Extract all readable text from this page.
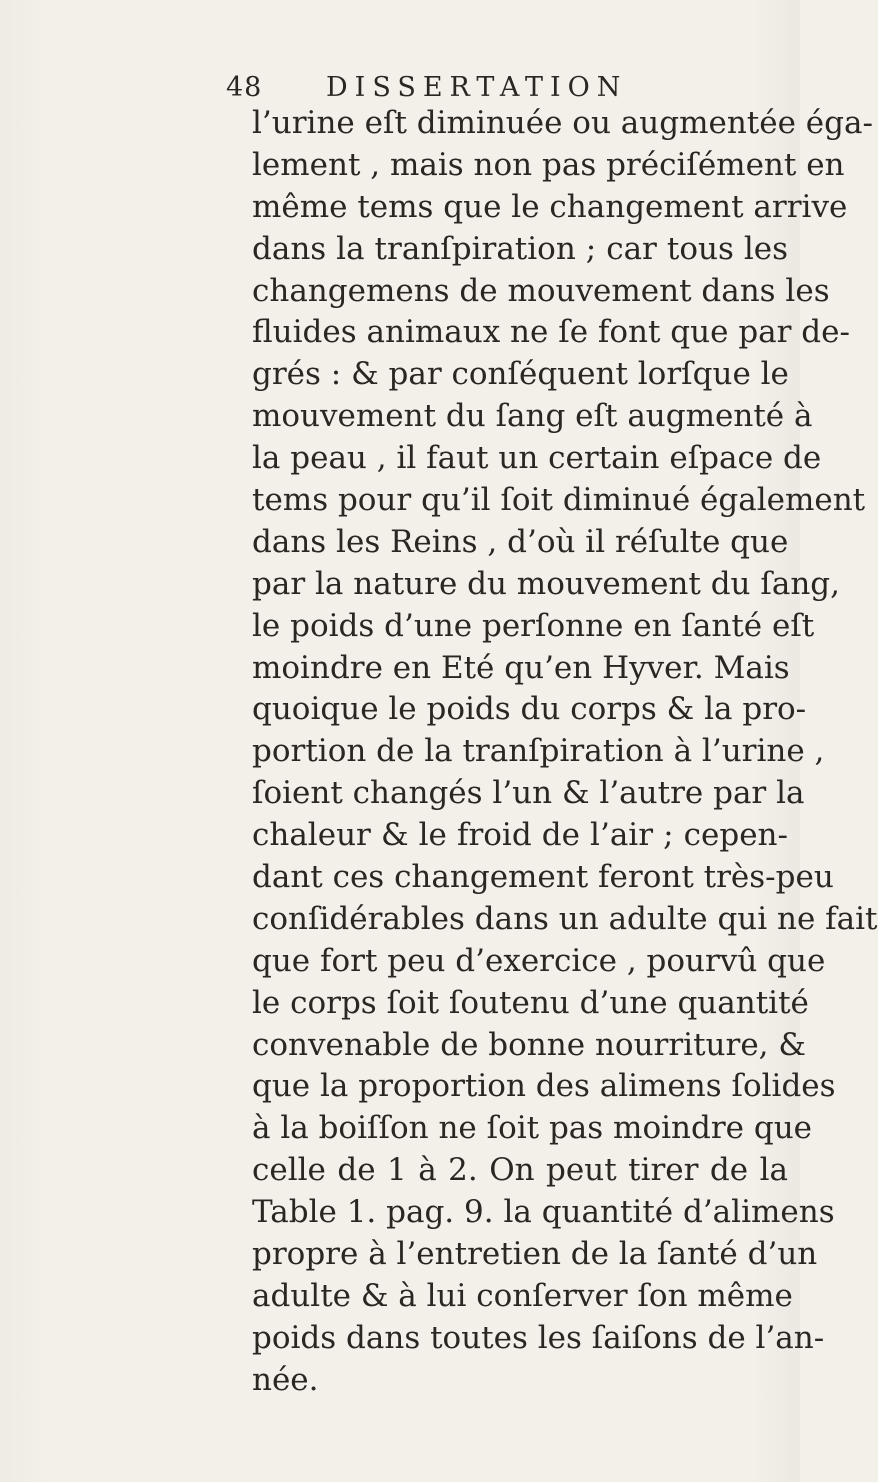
48 DISSERTATION
l’urine eſt diminuée ou augmentée éga-
lement , mais non pas préciſément en
même tems que le changement arrive
dans la tranſpiration ; car tous les
changemens de mouvement dans les
fluides animaux ne ſe font que par de-
grés : & par conſéquent lorſque le
mouvement du ſang eſt augmenté à
la peau , il faut un certain eſpace de
tems pour qu’il ſoit diminué également
dans les Reins , d’où il réſulte que
par la nature du mouvement du ſang,
le poids d’une perſonne en ſanté eſt
moindre en Eté qu’en Hyver. Mais
quoique le poids du corps & la pro-
portion de la tranſpiration à l’urine ,
ſoient changés l’un & l’autre par la
chaleur & le froid de l’air ; cepen-
dant ces changement feront très-peu
conſidérables dans un adulte qui ne fait
que fort peu d’exercice , pourvû que
le corps ſoit ſoutenu d’une quantité
convenable de bonne nourriture, &
que la proportion des alimens ſolides
à la boiſſon ne ſoit pas moindre que
celle de 1 à 2. On peut tirer de la
Table 1. pag. 9. la quantité d’alimens
propre à l’entretien de la ſanté d’un
adulte & à lui conſerver ſon même
poids dans toutes les ſaiſons de l’an-
née.
